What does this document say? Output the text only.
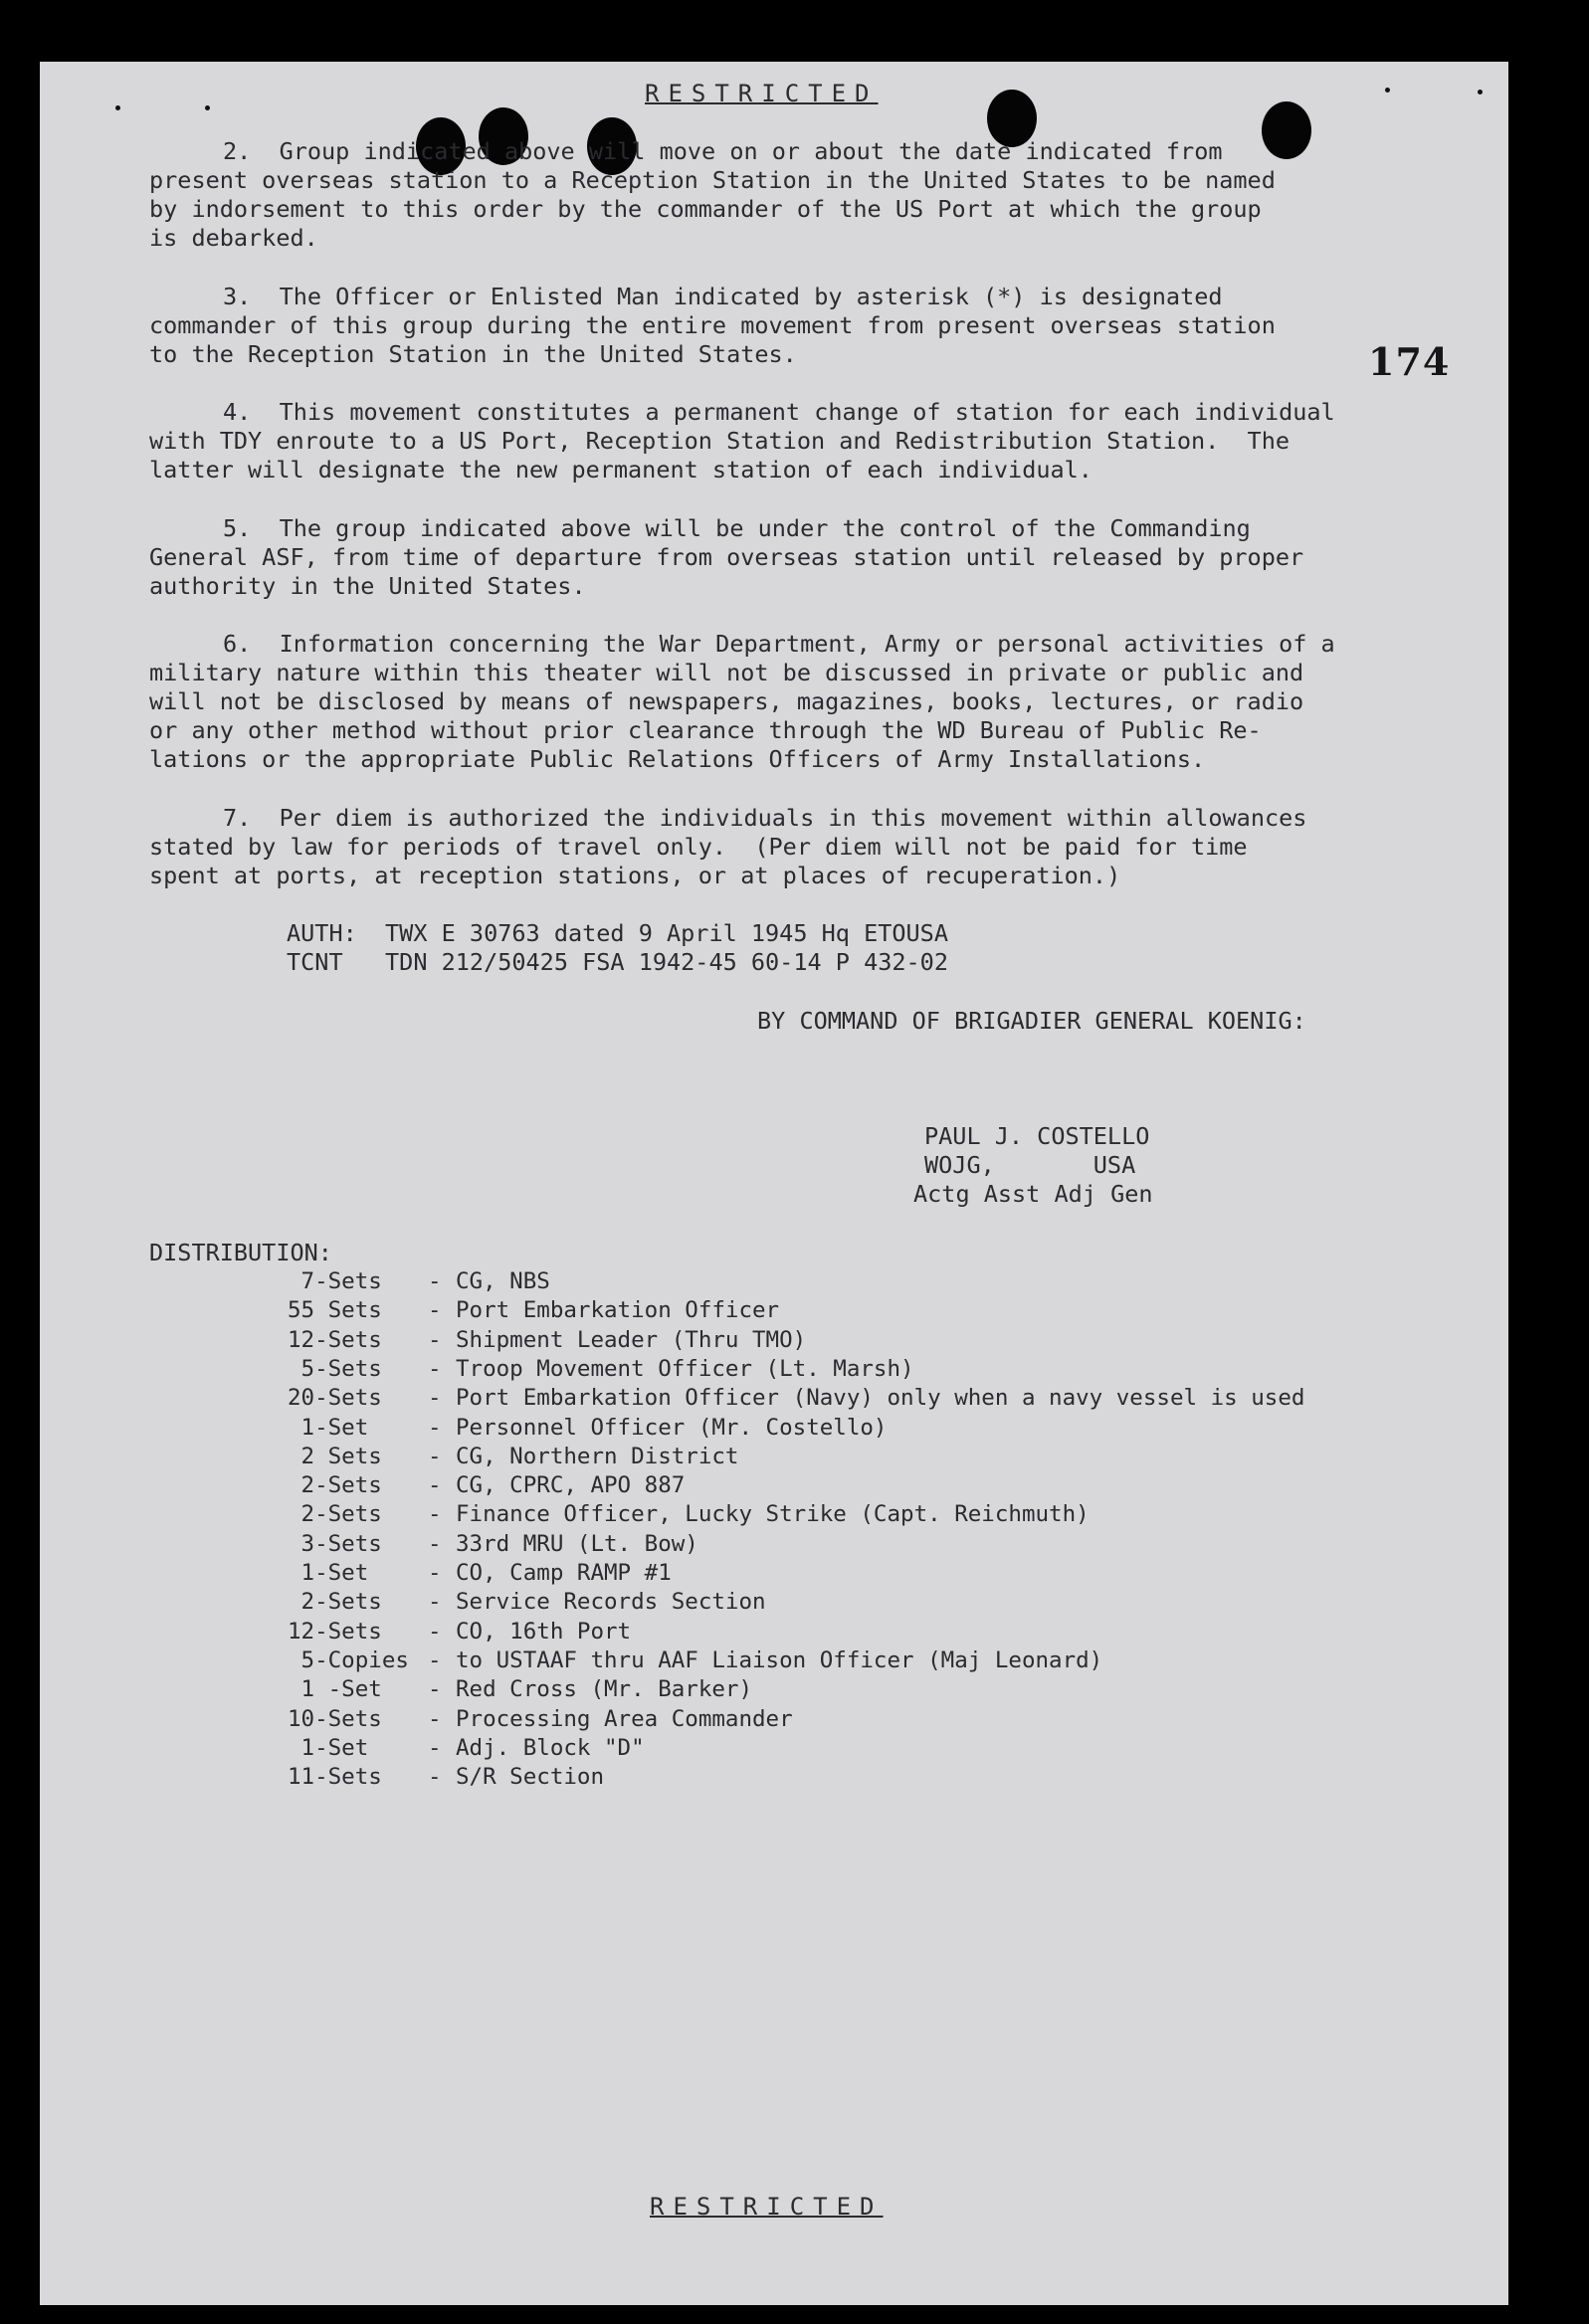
RESTRICTED
174
2.  Group indicated above will move on or about the date indicated from
present overseas station to a Reception Station in the United States to be named
by indorsement to this order by the commander of the US Port at which the group
is debarked.
3.  The Officer or Enlisted Man indicated by asterisk (*) is designated
commander of this group during the entire movement from present overseas station
to the Reception Station in the United States.
4.  This movement constitutes a permanent change of station for each individual
with TDY enroute to a US Port, Reception Station and Redistribution Station.  The
latter will designate the new permanent station of each individual.
5.  The group indicated above will be under the control of the Commanding
General ASF, from time of departure from overseas station until released by proper
authority in the United States.
6.  Information concerning the War Department, Army or personal activities of a
military nature within this theater will not be discussed in private or public and
will not be disclosed by means of newspapers, magazines, books, lectures, or radio
or any other method without prior clearance through the WD Bureau of Public Re-
lations or the appropriate Public Relations Officers of Army Installations.
7.  Per diem is authorized the individuals in this movement within allowances
stated by law for periods of travel only.  (Per diem will not be paid for time
spent at ports, at reception stations, or at places of recuperation.)
AUTH:  TWX E 30763 dated 9 April 1945 Hq ETOUSA
TCNT   TDN 212/50425 FSA 1942-45 60-14 P 432-02
BY COMMAND OF BRIGADIER GENERAL KOENIG:
PAUL J. COSTELLO
WOJG,       USA
Actg Asst Adj Gen
DISTRIBUTION:
7-Sets - CG, NBS
55 Sets - Port Embarkation Officer
12-Sets - Shipment Leader (Thru TMO)
5-Sets - Troop Movement Officer (Lt. Marsh)
20-Sets - Port Embarkation Officer (Navy) only when a navy vessel is used
1-Set - Personnel Officer (Mr. Costello)
2 Sets - CG, Northern District
2-Sets - CG, CPRC, APO 887
2-Sets - Finance Officer, Lucky Strike (Capt. Reichmuth)
3-Sets - 33rd MRU (Lt. Bow)
1-Set - CO, Camp RAMP #1
2-Sets - Service Records Section
12-Sets - CO, 16th Port
5-Copies - to USTAAF thru AAF Liaison Officer (Maj Leonard)
1 -Set - Red Cross (Mr. Barker)
10-Sets - Processing Area Commander
1-Set - Adj. Block "D"
11-Sets - S/R Section
RESTRICTED
